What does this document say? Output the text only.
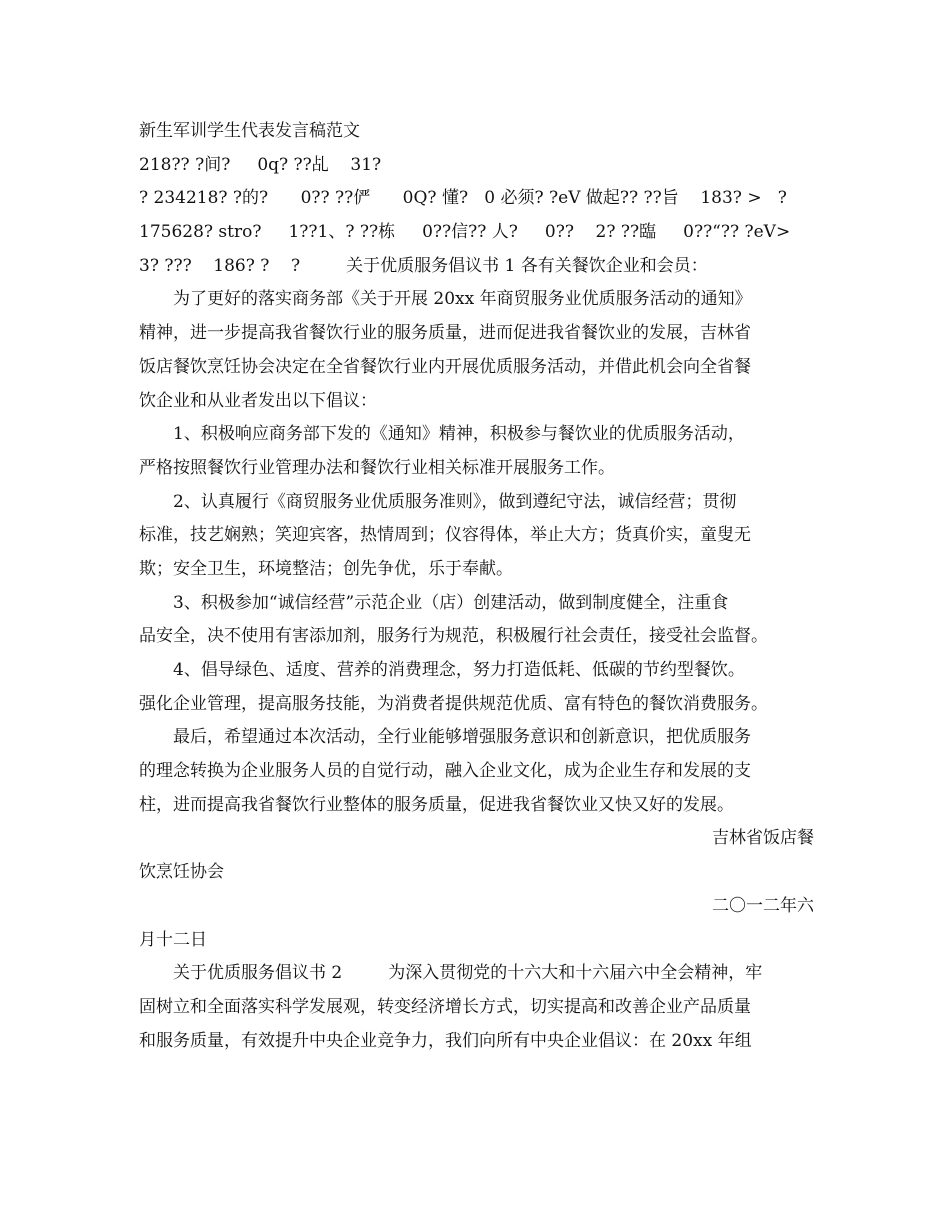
新生军训学生代表发言稿范文
218?? ?间?     0q? ??乩    31?
? 234218? ?的?      0?? ??俨      0Q? 懂?   0 必须? ?eV 做起?? ??旨    183? >   ?
175628? stro?     1??1、? ??栋     0??信?? 人?     0??    2? ??臨     0??“?? ?eV>
3? ???    186? ?    ?	关于优质服务倡议书 1 各有关餐饮企业和会员：
为了更好的落实商务部《关于开展 20xx 年商贸服务业优质服务活动的通知》
精神，进一步提高我省餐饮行业的服务质量，进而促进我省餐饮业的发展，吉林省
饭店餐饮烹饪协会决定在全省餐饮行业内开展优质服务活动，并借此机会向全省餐
饮企业和从业者发出以下倡议：
1、积极响应商务部下发的《通知》精神，积极参与餐饮业的优质服务活动，
严格按照餐饮行业管理办法和餐饮行业相关标准开展服务工作。
2、认真履行《商贸服务业优质服务准则》，做到遵纪守法，诚信经营；贯彻
标准，技艺娴熟；笑迎宾客，热情周到；仪容得体，举止大方；货真价实，童叟无
欺；安全卫生，环境整洁；创先争优，乐于奉献。
3、积极参加“诚信经营”示范企业（店）创建活动，做到制度健全，注重食
品安全，决不使用有害添加剂，服务行为规范，积极履行社会责任，接受社会监督。
4、倡导绿色、适度、营养的消费理念，努力打造低耗、低碳的节约型餐饮。
强化企业管理，提高服务技能，为消费者提供规范优质、富有特色的餐饮消费服务。
最后，希望通过本次活动，全行业能够增强服务意识和创新意识，把优质服务
的理念转换为企业服务人员的自觉行动，融入企业文化，成为企业生存和发展的支
柱，进而提高我省餐饮行业整体的服务质量，促进我省餐饮业又快又好的发展。
吉林省饭店餐
饮烹饪协会
二〇一二年六
月十二日
关于优质服务倡议书 2	为深入贯彻党的十六大和十六届六中全会精神，牢
固树立和全面落实科学发展观，转变经济增长方式，切实提高和改善企业产品质量
和服务质量，有效提升中央企业竞争力，我们向所有中央企业倡议：在 20xx 年组
